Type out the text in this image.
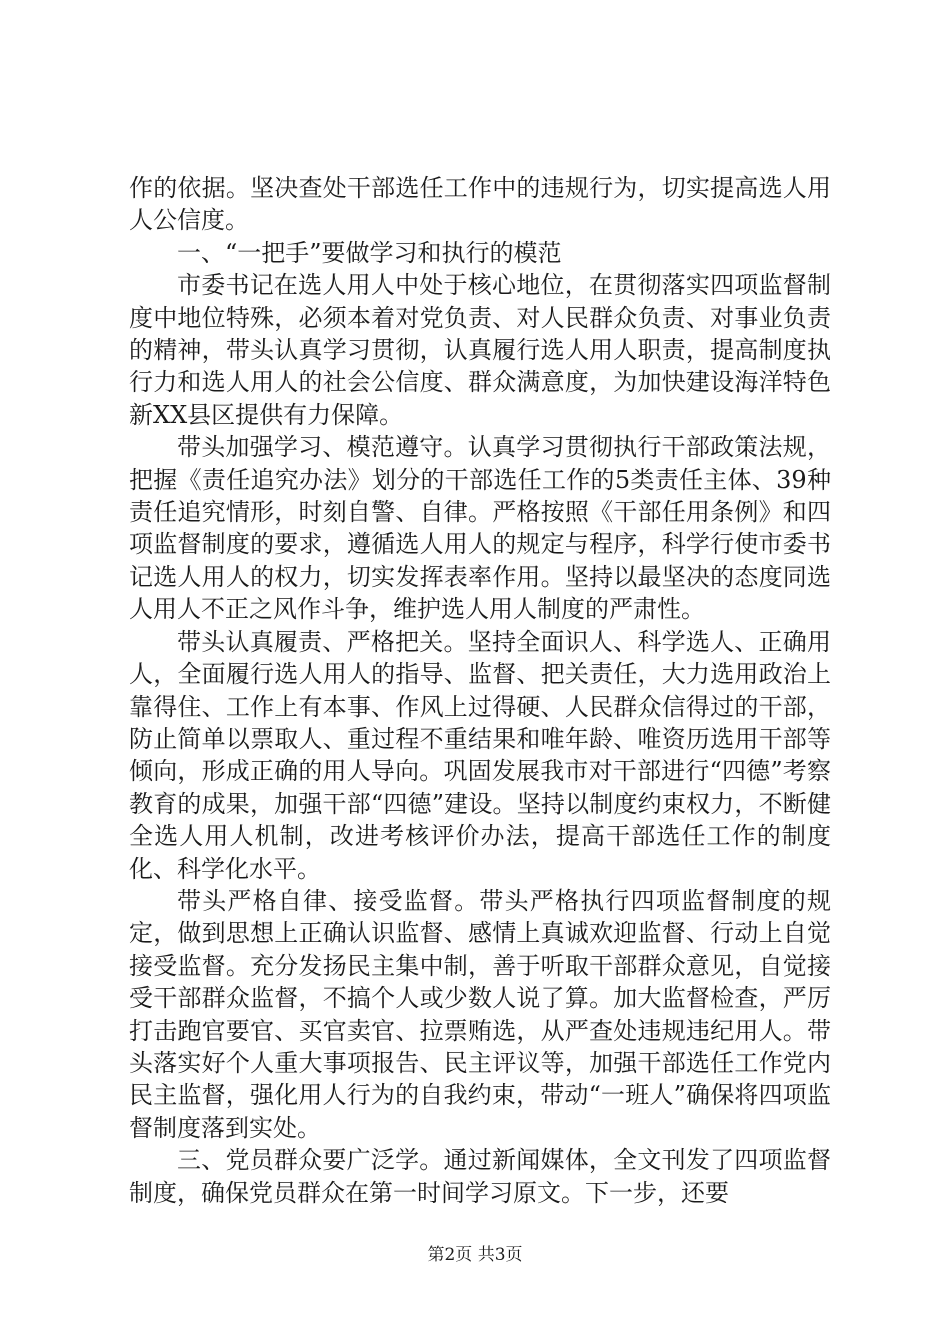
作的依据。坚决查处干部选任工作中的违规行为，切实提高选人用人公信度。

一、“一把手”要做学习和执行的模范

市委书记在选人用人中处于核心地位，在贯彻落实四项监督制度中地位特殊，必须本着对党负责、对人民群众负责、对事业负责的精神，带头认真学习贯彻，认真履行选人用人职责，提高制度执行力和选人用人的社会公信度、群众满意度，为加快建设海洋特色新XX县区提供有力保障。

带头加强学习、模范遵守。认真学习贯彻执行干部政策法规，把握《责任追究办法》划分的干部选任工作的5类责任主体、39种责任追究情形，时刻自警、自律。严格按照《干部任用条例》和四项监督制度的要求，遵循选人用人的规定与程序，科学行使市委书记选人用人的权力，切实发挥表率作用。坚持以最坚决的态度同选人用人不正之风作斗争，维护选人用人制度的严肃性。

带头认真履责、严格把关。坚持全面识人、科学选人、正确用人，全面履行选人用人的指导、监督、把关责任，大力选用政治上靠得住、工作上有本事、作风上过得硬、人民群众信得过的干部，防止简单以票取人、重过程不重结果和唯年龄、唯资历选用干部等倾向，形成正确的用人导向。巩固发展我市对干部进行“四德”考察教育的成果，加强干部“四德”建设。坚持以制度约束权力，不断健全选人用人机制，改进考核评价办法，提高干部选任工作的制度化、科学化水平。

带头严格自律、接受监督。带头严格执行四项监督制度的规定，做到思想上正确认识监督、感情上真诚欢迎监督、行动上自觉接受监督。充分发扬民主集中制，善于听取干部群众意见，自觉接受干部群众监督，不搞个人或少数人说了算。加大监督检查，严厉打击跑官要官、买官卖官、拉票贿选，从严查处违规违纪用人。带头落实好个人重大事项报告、民主评议等，加强干部选任工作党内民主监督，强化用人行为的自我约束，带动“一班人”确保将四项监督制度落到实处。

三、党员群众要广泛学。通过新闻媒体，全文刊发了四项监督制度，确保党员群众在第一时间学习原文。下一步，还要

第2页 共3页
